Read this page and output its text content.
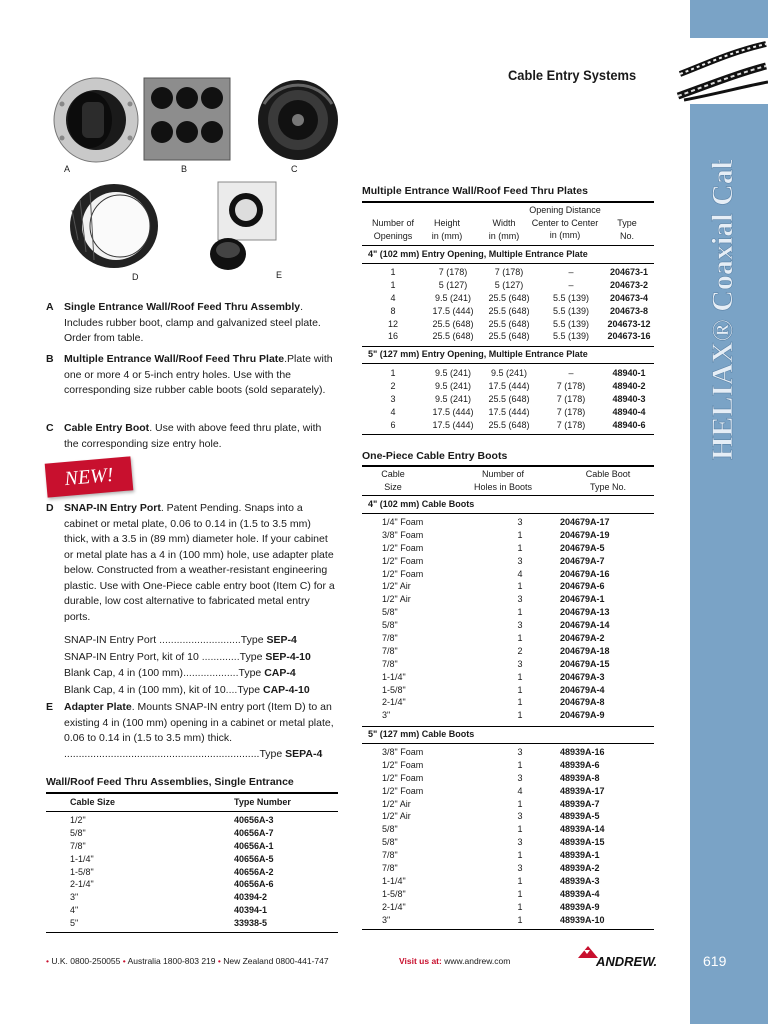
HELIAX® Coaxial Cables
619
Cable Entry Systems
A	B	C
D	E
A Single Entrance Wall/Roof Feed Thru Assembly. Includes rubber boot, clamp and galvanized steel plate. Order from table.
B Multiple Entrance Wall/Roof Feed Thru Plate.Plate with one or more 4 or 5-inch entry holes. Use with the corresponding size rubber cable boots (sold separately).
C Cable Entry Boot. Use with above feed thru plate, with the corresponding size entry hole.
NEW!
D SNAP-IN Entry Port. Patent Pending. Snaps into a cabinet or metal plate, 0.06 to 0.14 in (1.5 to 3.5 mm) thick, with a 3.5 in (89 mm) diameter hole. If your cabinet or metal plate has a 4 in (100 mm) hole, use adapter plate below. Constructed from a weather-resistant engineering plastic. Use with One-Piece cable entry boot (Item C) for a durable, low cost alternative to fabricated metal entry ports.
SNAP-IN Entry Port ............................Type SEP-4
SNAP-IN Entry Port, kit of 10 .............Type SEP-4-10
Blank Cap, 4 in (100 mm)...................Type CAP-4
Blank Cap, 4 in (100 mm), kit of 10....Type CAP-4-10
E Adapter Plate. Mounts SNAP-IN entry port (Item D) to an existing 4 in (100 mm) opening in a cabinet or metal plate, 0.06 to 0.14 in (1.5 to 3.5 mm) thick.
...................................................................Type SEPA-4
Wall/Roof Feed Thru Assemblies, Single Entrance
Cable Size	Type Number
1/2"	40656A-3
5/8"	40656A-7
7/8"	40656A-1
1-1/4"	40656A-5
1-5/8"	40656A-2
2-1/4"	40656A-6
3"	40394-2
4"	40394-1
5"	33938-5
Multiple Entrance Wall/Roof Feed Thru Plates
Number of
Openings
Height
in (mm)
Width
in (mm)
Opening Distance
Center to Center
in (mm)
Type
No.
4" (102 mm) Entry Opening, Multiple Entrance Plate
1	7 (178)	7 (178)	–	204673-1
1	5 (127)	5 (127)	–	204673-2
4	9.5 (241)	25.5 (648)	5.5 (139)	204673-4
8	17.5 (444)	25.5 (648)	5.5 (139)	204673-8
12	25.5 (648)	25.5 (648)	5.5 (139)	204673-12
16	25.5 (648)	25.5 (648)	5.5 (139)	204673-16
5" (127 mm) Entry Opening, Multiple Entrance Plate
1	9.5 (241)	9.5 (241)	–	48940-1
2	9.5 (241)	17.5 (444)	7 (178)	48940-2
3	9.5 (241)	25.5 (648)	7 (178)	48940-3
4	17.5 (444)	17.5 (444)	7 (178)	48940-4
6	17.5 (444)	25.5 (648)	7 (178)	48940-6
One-Piece Cable Entry Boots
Cable
Size
Number of
Holes in Boots
Cable Boot
Type No.
4" (102 mm) Cable Boots
1/4" Foam	3	204679A-17
3/8" Foam	1	204679A-19
1/2" Foam	1	204679A-5
1/2" Foam	3	204679A-7
1/2" Foam	4	204679A-16
1/2" Air	1	204679A-6
1/2" Air	3	204679A-1
5/8"	1	204679A-13
5/8"	3	204679A-14
7/8"	1	204679A-2
7/8"	2	204679A-18
7/8"	3	204679A-15
1-1/4"	1	204679A-3
1-5/8"	1	204679A-4
2-1/4"	1	204679A-8
3"	1	204679A-9
5" (127 mm) Cable Boots
3/8" Foam	3	48939A-16
1/2" Foam	1	48939A-6
1/2" Foam	3	48939A-8
1/2" Foam	4	48939A-17
1/2" Air	1	48939A-7
1/2" Air	3	48939A-5
5/8"	1	48939A-14
5/8"	3	48939A-15
7/8"	1	48939A-1
7/8"	3	48939A-2
1-1/4"	1	48939A-3
1-5/8"	1	48939A-4
2-1/4"	1	48939A-9
3"	1	48939A-10
• U.K. 0800-250055 • Australia 1800-803 219 • New Zealand 0800-441-747	Visit us at: www.andrew.com	ANDREW.
